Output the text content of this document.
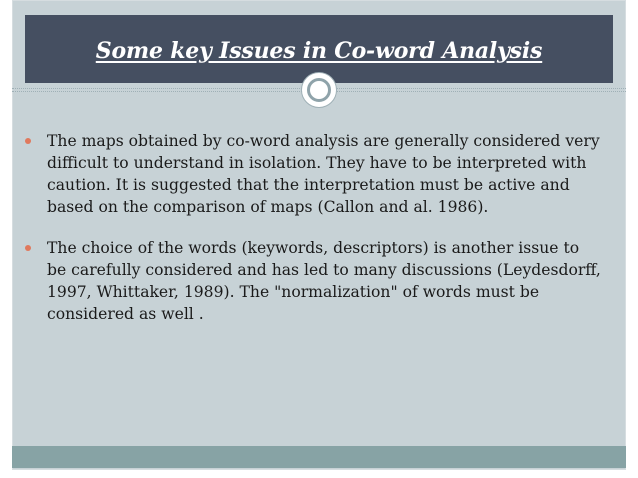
Some key Issues in Co-word Analysis
The maps obtained by co-word analysis are generally considered very difficult to understand in isolation. They have to be interpreted with caution. It is suggested that the interpretation must be active and based on the comparison of maps (Callon and al. 1986).
The choice of the words (keywords, descriptors) is another issue to be carefully considered and has led to many discussions (Leydesdorff, 1997, Whittaker, 1989). The "normalization" of words must be considered as well .
